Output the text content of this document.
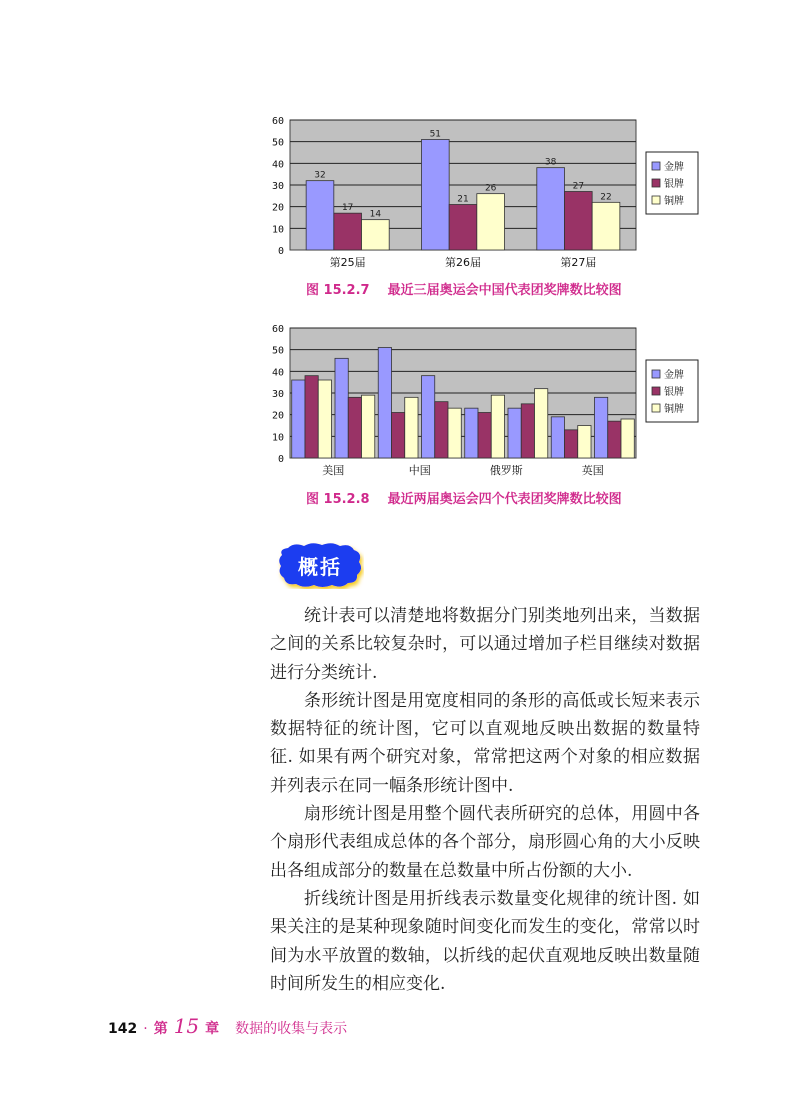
0
10
20
30
40
50
60
32
17
14
51
21
26
38
27
22
第25届	第26届	第27届
金牌
银牌
铜牌
图 15.2.7 最近三届奥运会中国代表团奖牌数比较图
0
10
20
30
40
50
60
美国	中国	俄罗斯	英国
金牌
银牌
铜牌
图 15.2.8 最近两届奥运会四个代表团奖牌数比较图
概括

统计表可以清楚地将数据分门别类地列出来，当数据之间的关系比较复杂时，可以通过增加子栏目继续对数据进行分类统计.

条形统计图是用宽度相同的条形的高低或长短来表示数据特征的统计图，它可以直观地反映出数据的数量特征. 如果有两个研究对象，常常把这两个对象的相应数据并列表示在同一幅条形统计图中.

扇形统计图是用整个圆代表所研究的总体，用圆中各个扇形代表组成总体的各个部分，扇形圆心角的大小反映出各组成部分的数量在总数量中所占份额的大小.

折线统计图是用折线表示数量变化规律的统计图. 如果关注的是某种现象随时间变化而发生的变化，常常以时间为水平放置的数轴，以折线的起伏直观地反映出数量随时间所发生的相应变化.

142 · 第 15 章 数据的收集与表示
